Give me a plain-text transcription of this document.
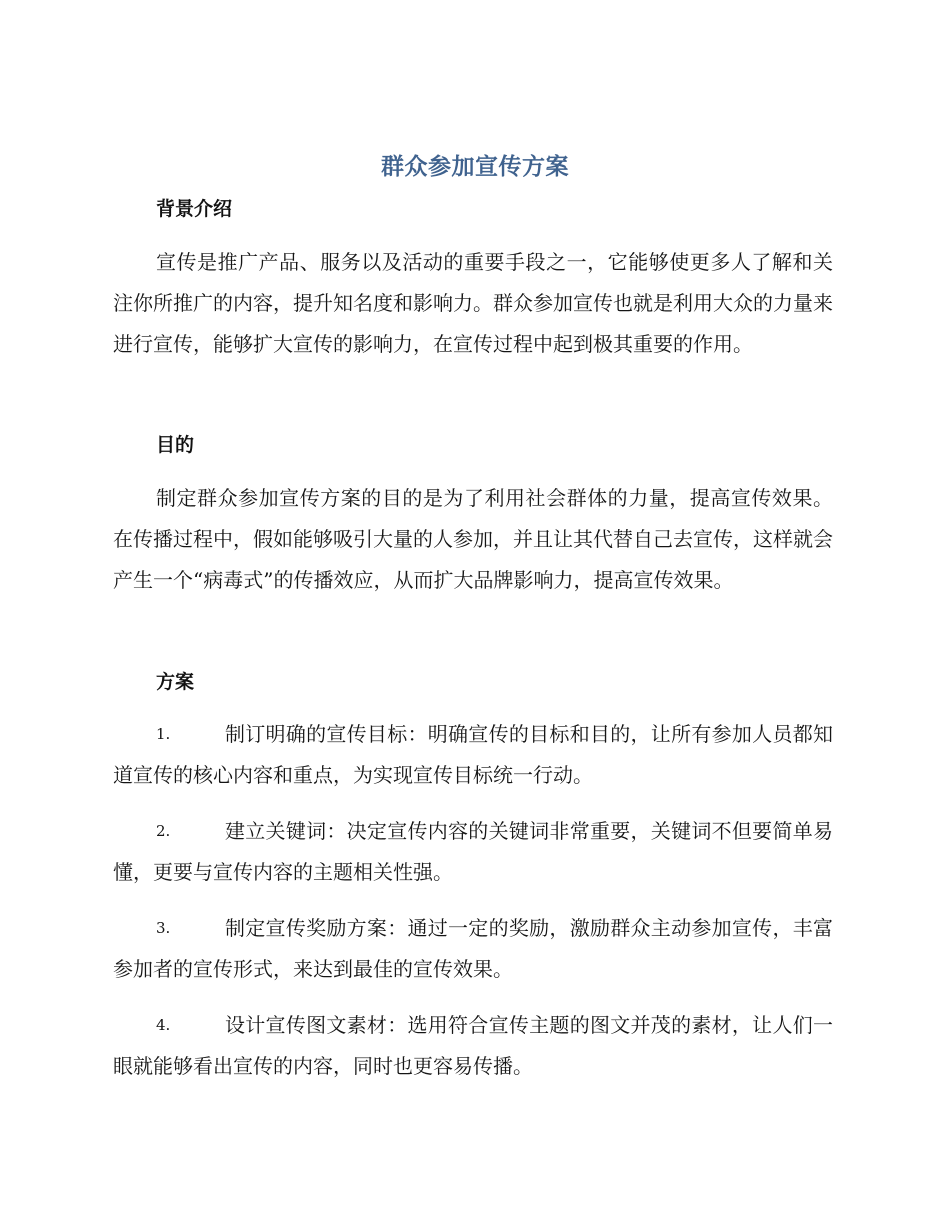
群众参加宣传方案
背景介绍
宣传是推广产品、服务以及活动的重要手段之一，它能够使更多人了解和关注你所推广的内容，提升知名度和影响力。群众参加宣传也就是利用大众的力量来进行宣传，能够扩大宣传的影响力，在宣传过程中起到极其重要的作用。
目的
制定群众参加宣传方案的目的是为了利用社会群体的力量，提高宣传效果。在传播过程中，假如能够吸引大量的人参加，并且让其代替自己去宣传，这样就会产生一个“病毒式”的传播效应，从而扩大品牌影响力，提高宣传效果。
方案
1.	制订明确的宣传目标：明确宣传的目标和目的，让所有参加人员都知道宣传的核心内容和重点，为实现宣传目标统一行动。
2.	建立关键词：决定宣传内容的关键词非常重要，关键词不但要简单易懂，更要与宣传内容的主题相关性强。
3.	制定宣传奖励方案：通过一定的奖励，激励群众主动参加宣传，丰富参加者的宣传形式，来达到最佳的宣传效果。
4.	设计宣传图文素材：选用符合宣传主题的图文并茂的素材，让人们一眼就能够看出宣传的内容，同时也更容易传播。
